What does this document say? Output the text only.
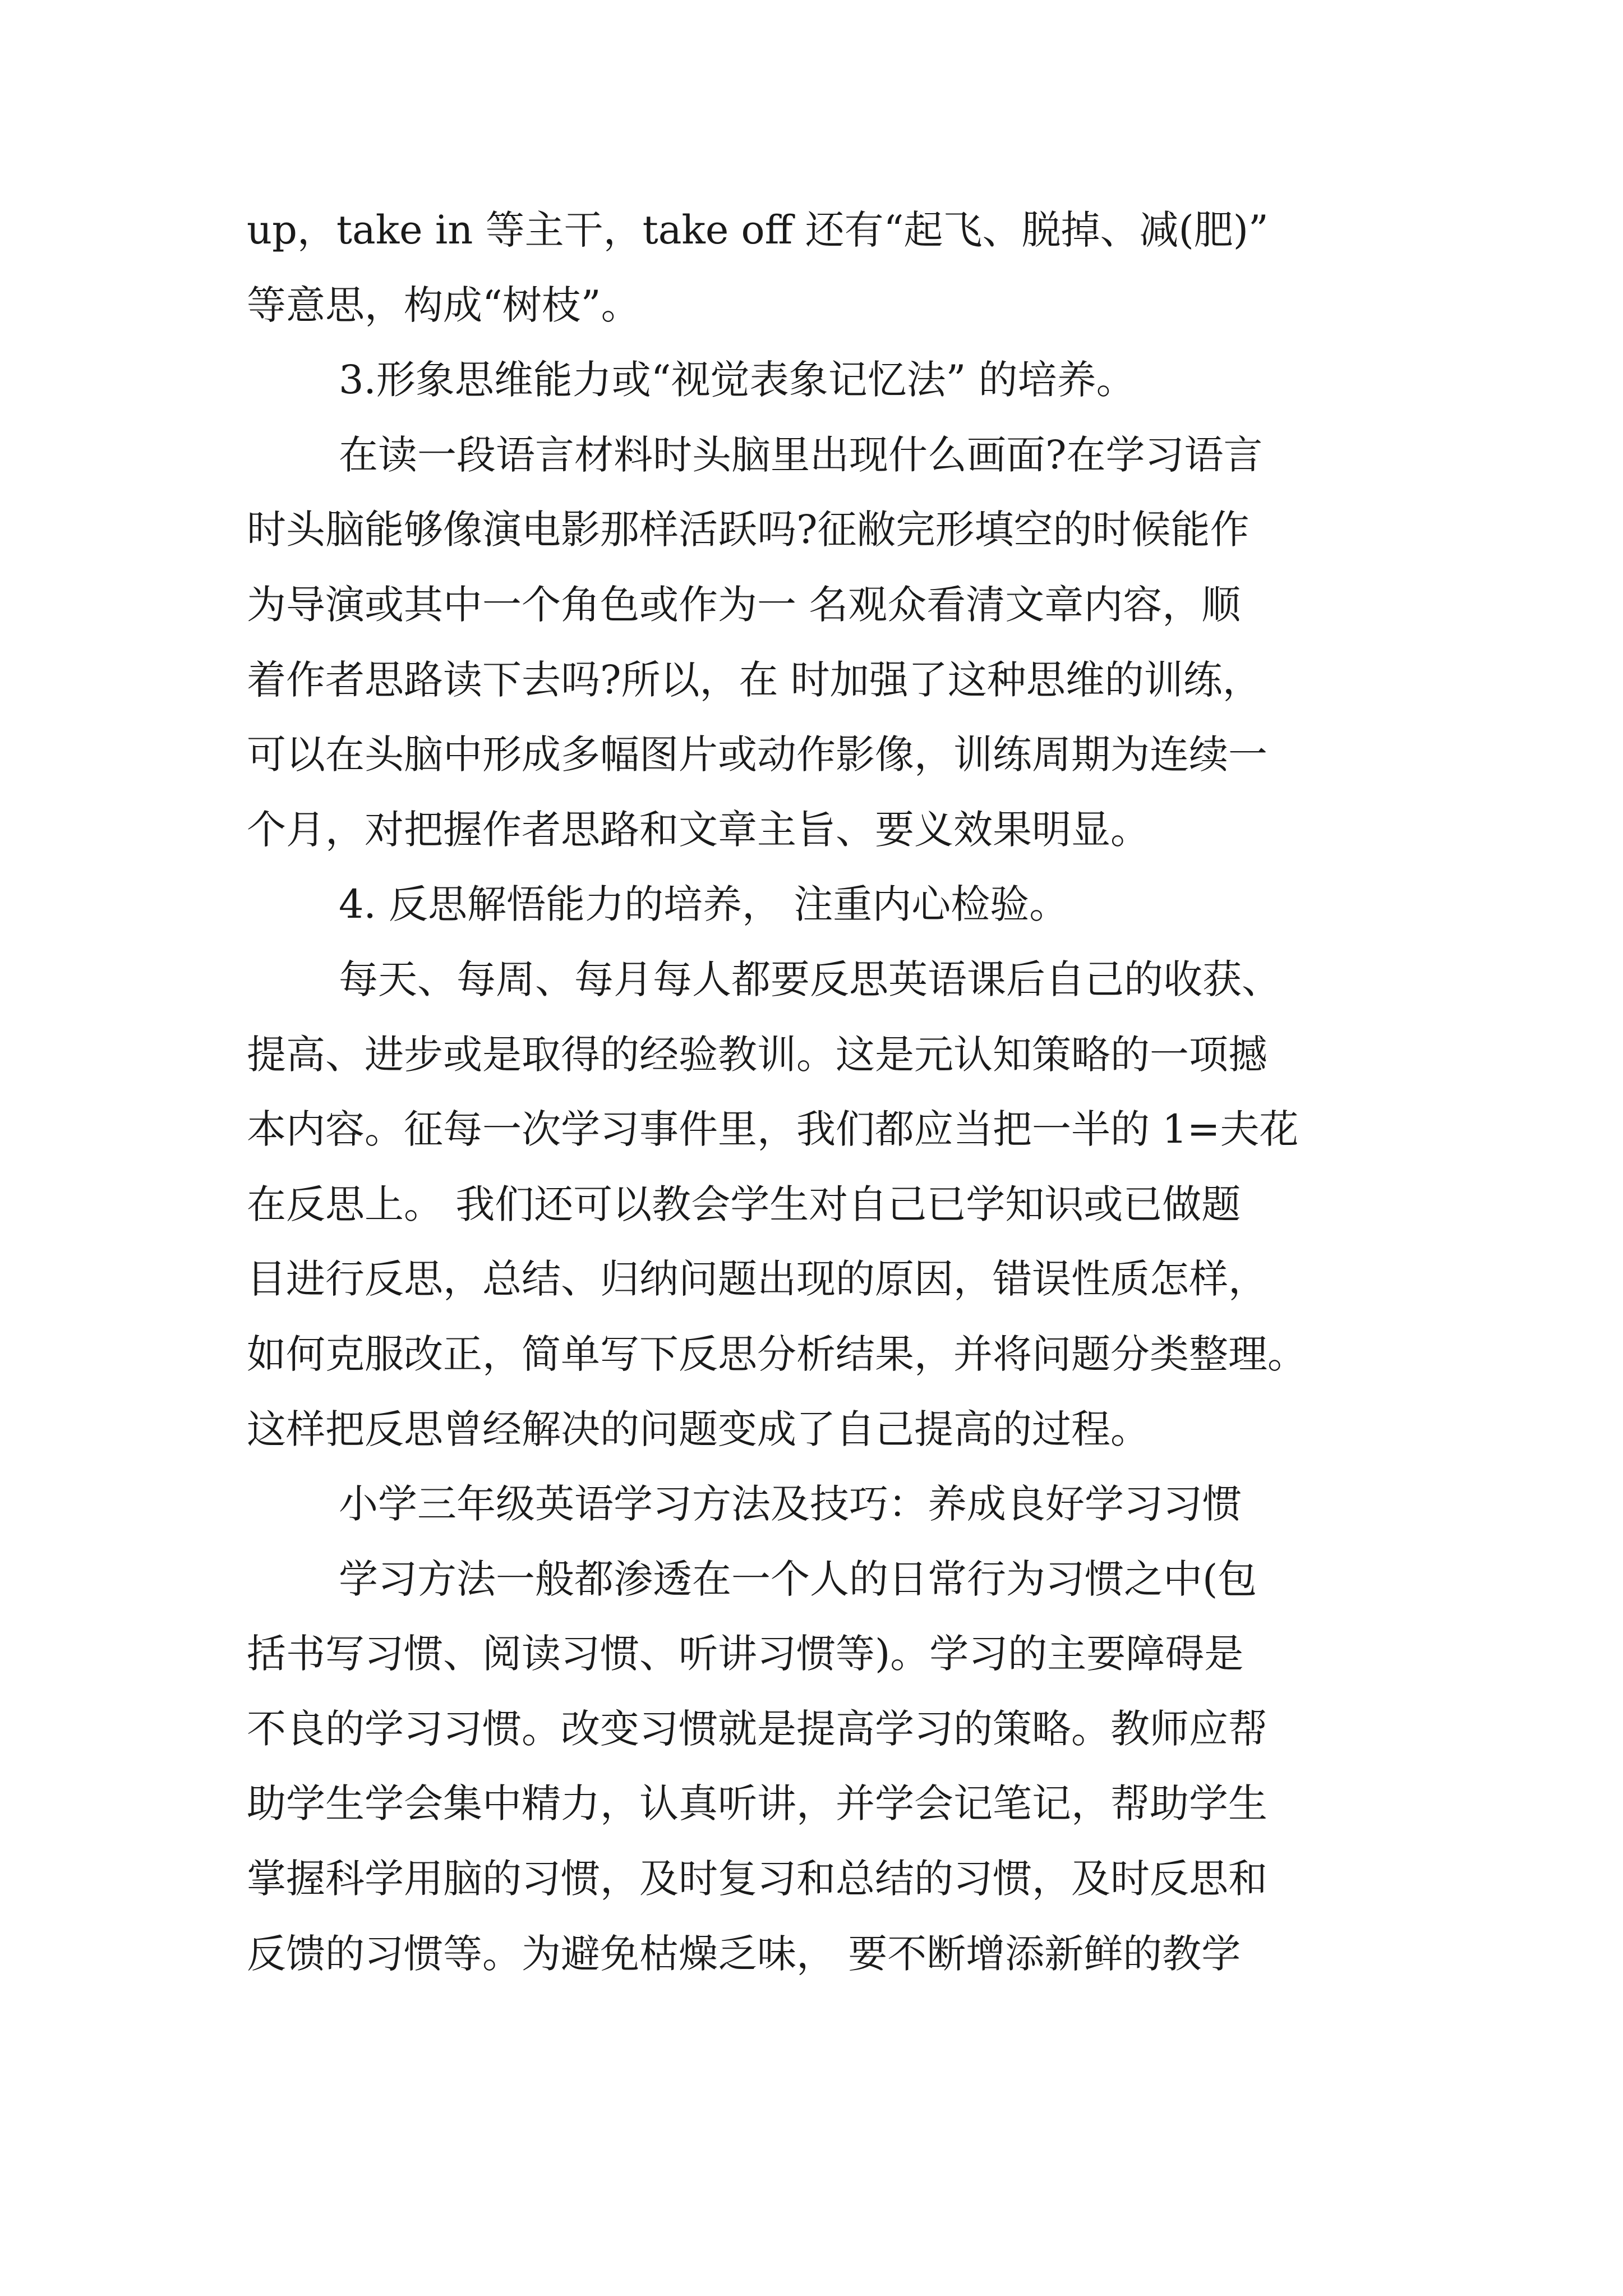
up，take in 等主干，take off 还有“起飞、脱掉、减(肥)”
等意思，构成“树枝”。
3.形象思维能力或“视觉表象记忆法” 的培养。
在读一段语言材料时头脑里出现什么画面?在学习语言
时头脑能够像演电影那样活跃吗?征敝完形填空的时候能作
为导演或其中一个角色或作为一 名观众看清文章内容，顺
着作者思路读下去吗?所以，在 时加强了这种思维的训练，
可以在头脑中形成多幅图片或动作影像，训练周期为连续一
个月，对把握作者思路和文章主旨、要义效果明显。
4. 反思解悟能力的培养， 注重内心检验。
每天、每周、每月每人都要反思英语课后自己的收获、
提高、进步或是取得的经验教训。这是元认知策略的一项撼
本内容。征每一次学习事件里，我们都应当把一半的 1=夫花
在反思上。 我们还可以教会学生对自己已学知识或已做题
目进行反思，总结、归纳问题出现的原因，错误性质怎样，
如何克服改正，简单写下反思分析结果，并将问题分类整理。
这样把反思曾经解决的问题变成了自己提高的过程。
小学三年级英语学习方法及技巧：养成良好学习习惯
学习方法一般都渗透在一个人的日常行为习惯之中(包
括书写习惯、阅读习惯、听讲习惯等)。学习的主要障碍是
不良的学习习惯。改变习惯就是提高学习的策略。教师应帮
助学生学会集中精力，认真听讲，并学会记笔记，帮助学生
掌握科学用脑的习惯，及时复习和总结的习惯，及时反思和
反馈的习惯等。为避免枯燥乏味， 要不断增添新鲜的教学
